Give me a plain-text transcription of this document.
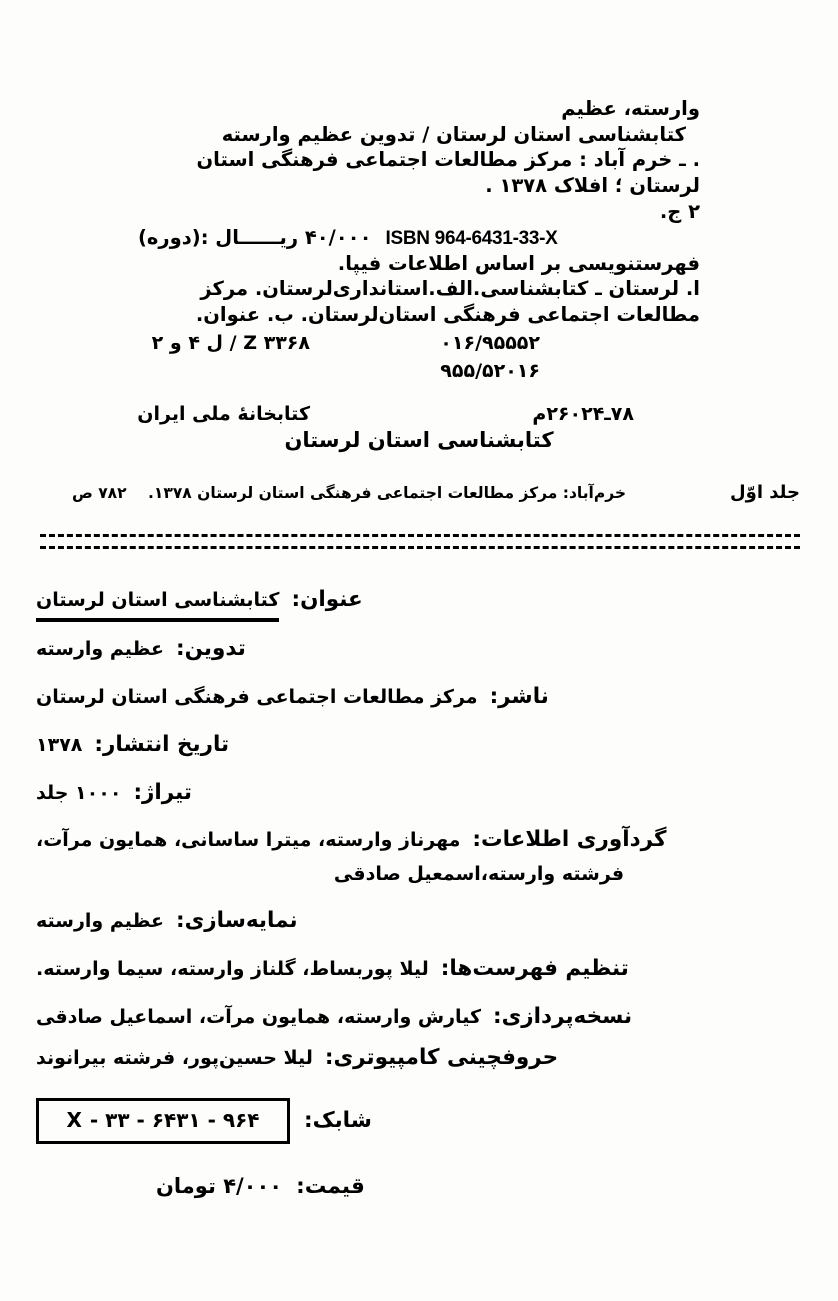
وارسته، عظیم
کتابشناسی استان لرستان / تدوین عظیم وارسته
. ـ خرم آباد : مرکز مطالعات اجتماعی فرهنگی استان
لرستان ؛ افلاک ۱۳۷۸ .
۲ ج.
۴۰/۰۰۰ ریــــــال :(دوره) ISBN 964-6431-33-X
فهرستنویسی بر اساس اطلاعات فیپا.
ا. لرستان ـ کتابشناسی.الف.استانداری‌لرستان. مرکز
مطالعات اجتماعی فرهنگی استان‌لرستان. ب. عنوان.
۰۱۶/۹۵۵۵۲
Z ۳۳۶۸ / ل ۴ و ۲
۹۵۵/۵۲۰۱۶
۷۸ـ۲۶۰۲۴م
کتابخانهٔ ملی ایران
کتابشناسی استان لرستان
جلد اوّل
خرم‌آباد: مرکز مطالعات اجتماعی فرهنگی استان لرستان ۱۳۷۸. ۷۸۲ ص
عنوان:
کتابشناسی استان لرستان
تدوین:
عظیم وارسته
ناشر:
مرکز مطالعات اجتماعی فرهنگی استان لرستان
تاریخ انتشار:
۱۳۷۸
تیراژ:
۱۰۰۰ جلد
گردآوری اطلاعات:
مهرناز وارسته، میترا ساسانی، همایون مرآت،
فرشته وارسته،اسمعیل صادقی
نمایه‌سازی:
عظیم وارسته
تنظیم فهرست‌ها:
لیلا پوربساط، گلناز وارسته، سیما وارسته.
نسخه‌پردازی:
کیارش وارسته، همایون مرآت، اسماعیل صادقی
حروفچینی کامپیوتری:
لیلا حسین‌پور، فرشته بیرانوند
شابک:
۹۶۴ - ۶۴۳۱ - ۳۳ - X
قیمت:
۴/۰۰۰ تومان
